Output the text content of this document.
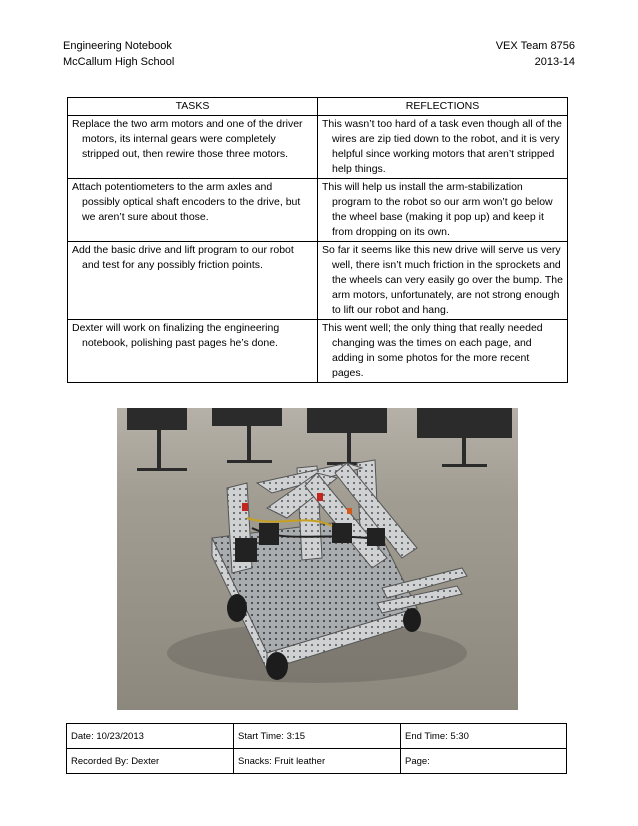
Engineering Notebook
McCallum High School
VEX Team 8756
2013-14
TASKS	REFLECTIONS

Replace the two arm motors and one of the driver motors, its internal gears were completely stripped out, then rewire those three motors.	This wasn’t too hard of a task even though all of the wires are zip tied down to the robot, and it is very helpful since working motors that aren’t stripped help things.

Attach potentiometers to the arm axles and possibly optical shaft encoders to the drive, but we aren’t sure about those.	This will help us install the arm-stabilization program to the robot so our arm won’t go below the wheel base (making it pop up) and keep it from dropping on its own.

Add the basic drive and lift program to our robot and test for any possibly friction points.	So far it seems like this new drive will serve us very well, there isn’t much friction in the sprockets and the wheels can very easily go over the bump. The arm motors, unfortunately, are not strong enough to lift our robot and hang.

Dexter will work on finalizing the engineering notebook, polishing past pages he’s done.	This went well; the only thing that really needed changing was the times on each page, and adding in some photos for the more recent pages.
Date: 10/23/2013	Start Time: 3:15	End Time: 5:30
Recorded By: Dexter	Snacks: Fruit leather	Page:
